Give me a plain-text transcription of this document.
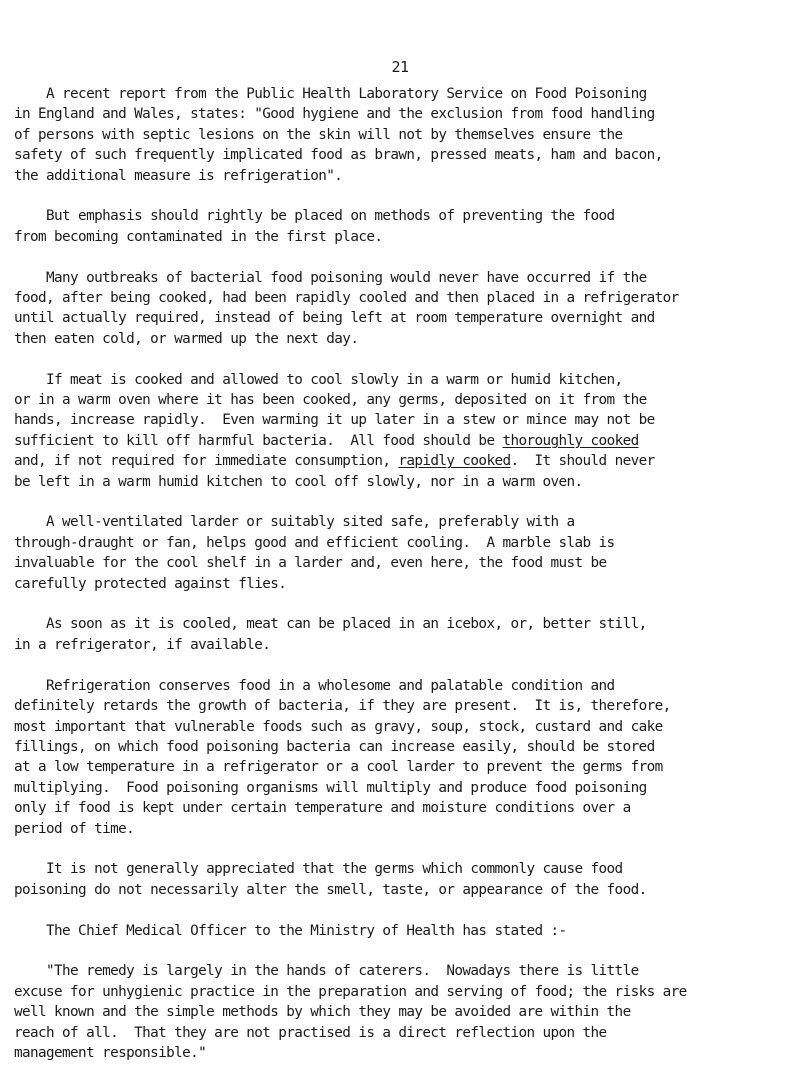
21
A recent report from the Public Health Laboratory Service on Food Poisoning
in England and Wales, states: "Good hygiene and the exclusion from food handling
of persons with septic lesions on the skin will not by themselves ensure the
safety of such frequently implicated food as brawn, pressed meats, ham and bacon,
the additional measure is refrigeration".
But emphasis should rightly be placed on methods of preventing the food
from becoming contaminated in the first place.
Many outbreaks of bacterial food poisoning would never have occurred if the
food, after being cooked, had been rapidly cooled and then placed in a refrigerator
until actually required, instead of being left at room temperature overnight and
then eaten cold, or warmed up the next day.
If meat is cooked and allowed to cool slowly in a warm or humid kitchen,
or in a warm oven where it has been cooked, any germs, deposited on it from the
hands, increase rapidly.  Even warming it up later in a stew or mince may not be
sufficient to kill off harmful bacteria.  All food should be thoroughly cooked
and, if not required for immediate consumption, rapidly cooked.  It should never
be left in a warm humid kitchen to cool off slowly, nor in a warm oven.
A well-ventilated larder or suitably sited safe, preferably with a
through-draught or fan, helps good and efficient cooling.  A marble slab is
invaluable for the cool shelf in a larder and, even here, the food must be
carefully protected against flies.
As soon as it is cooled, meat can be placed in an icebox, or, better still,
in a refrigerator, if available.
Refrigeration conserves food in a wholesome and palatable condition and
definitely retards the growth of bacteria, if they are present.  It is, therefore,
most important that vulnerable foods such as gravy, soup, stock, custard and cake
fillings, on which food poisoning bacteria can increase easily, should be stored
at a low temperature in a refrigerator or a cool larder to prevent the germs from
multiplying.  Food poisoning organisms will multiply and produce food poisoning
only if food is kept under certain temperature and moisture conditions over a
period of time.
It is not generally appreciated that the germs which commonly cause food
poisoning do not necessarily alter the smell, taste, or appearance of the food.
The Chief Medical Officer to the Ministry of Health has stated :-
"The remedy is largely in the hands of caterers.  Nowadays there is little
excuse for unhygienic practice in the preparation and serving of food; the risks are
well known and the simple methods by which they may be avoided are within the
reach of all.  That they are not practised is a direct reflection upon the
management responsible."
